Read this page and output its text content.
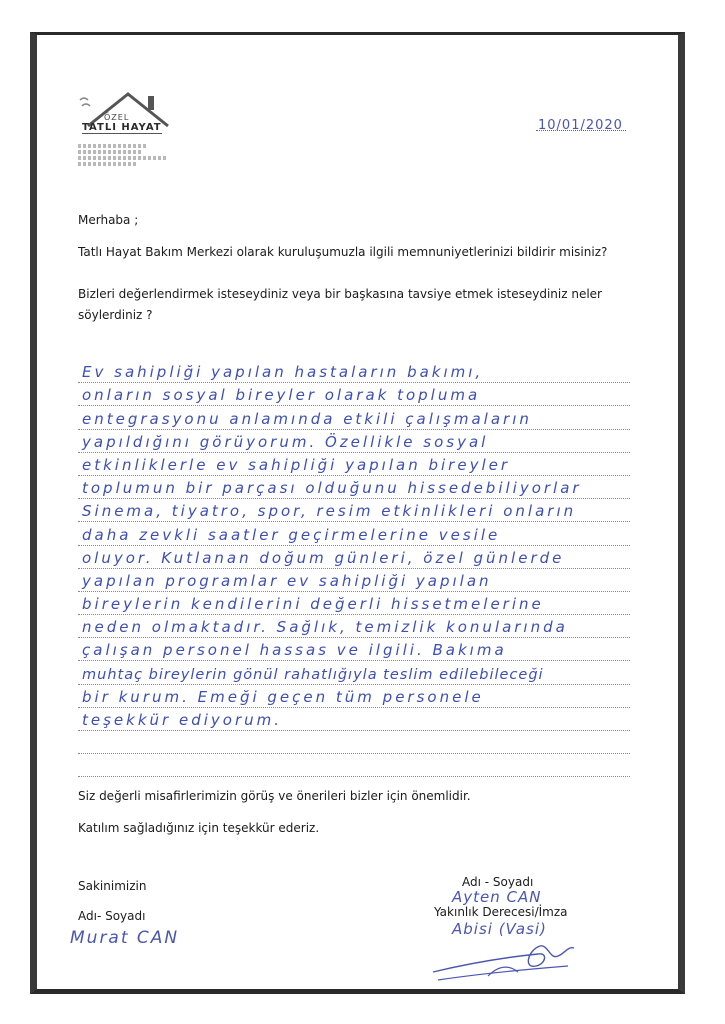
ÖZEL
TATLI HAYAT	10/01/2020
Merhaba ;
Tatlı Hayat Bakım Merkezi olarak kuruluşumuzla ilgili memnuniyetlerinizi bildirir misiniz?
Bizleri değerlendirmek isteseydiniz veya bir başkasına tavsiye etmek isteseydiniz neler söylerdiniz ?
Ev sahipliği yapılan hastaların bakımı,
onların sosyal bireyler olarak topluma
entegrasyonu anlamında etkili çalışmaların
yapıldığını görüyorum. Özellikle sosyal
etkinliklerle ev sahipliği yapılan bireyler
toplumun bir parçası olduğunu hissedebiliyorlar
Sinema, tiyatro, spor, resim etkinlikleri onların
daha zevkli saatler geçirmelerine vesile
oluyor. Kutlanan doğum günleri, özel günlerde
yapılan programlar ev sahipliği yapılan
bireylerin kendilerini değerli hissetmelerine
neden olmaktadır. Sağlık, temizlik konularında
çalışan personel hassas ve ilgili. Bakıma
muhtaç bireylerin gönül rahatlığıyla teslim edilebileceği
bir kurum. Emeği geçen tüm personele
teşekkür ediyorum.
Siz değerli misafirlerimizin görüş ve önerileri bizler için önemlidir.
Katılım sağladığınız için teşekkür ederiz.
Sakinimizin
Adı- Soyadı
Murat CAN
Adı - Soyadı
Ayten CAN
Yakınlık Derecesi/İmza
Abisi (Vasi)
